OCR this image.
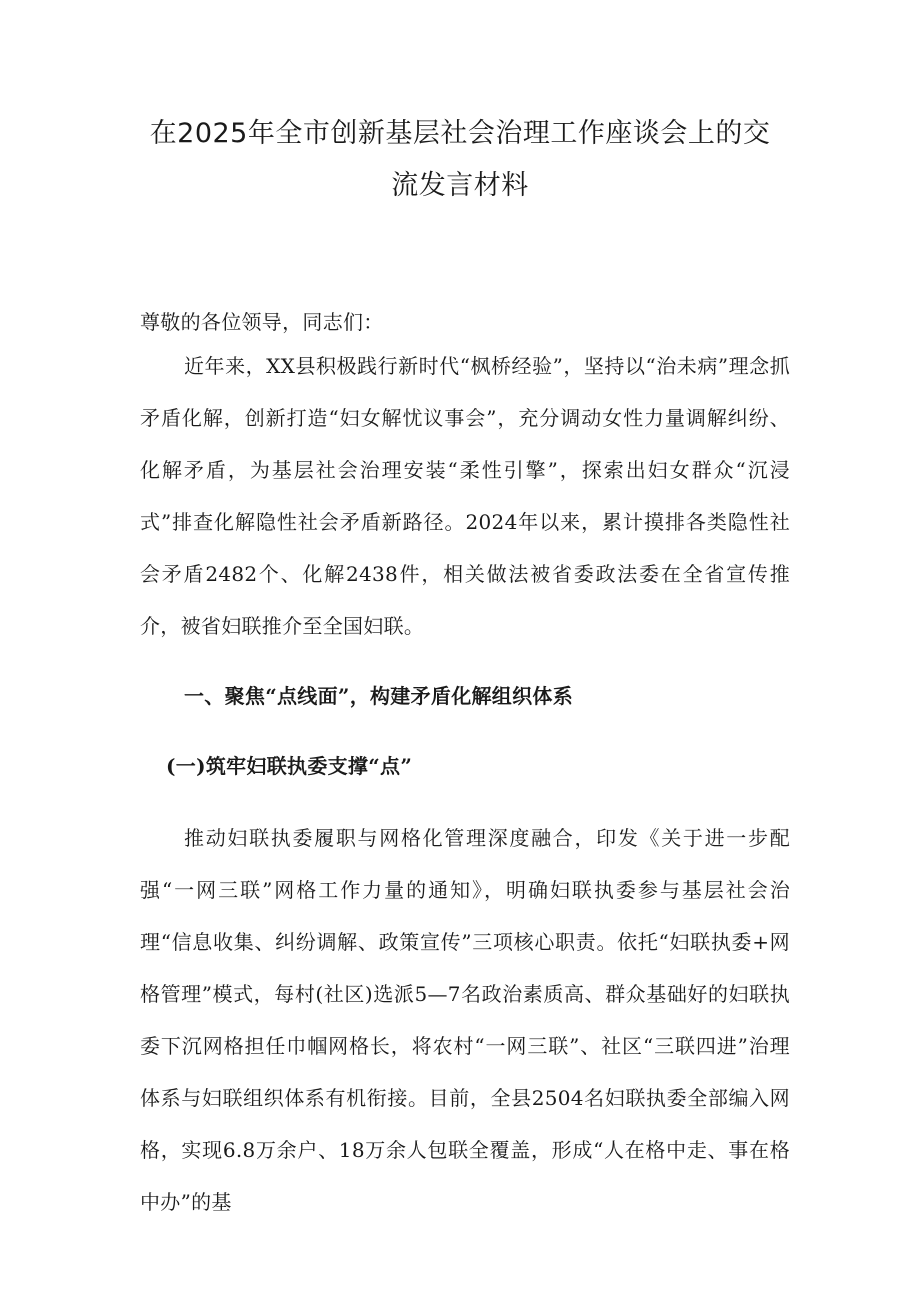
在2025年全市创新基层社会治理工作座谈会上的交
流发言材料

尊敬的各位领导，同志们：

近年来，XX县积极践行新时代“枫桥经验”，坚持以“治未病”理念抓矛盾化解，创新打造“妇女解忧议事会”，充分调动女性力量调解纠纷、化解矛盾，为基层社会治理安装“柔性引擎”，探索出妇女群众“沉浸式”排查化解隐性社会矛盾新路径。2024年以来，累计摸排各类隐性社会矛盾2482个、化解2438件，相关做法被省委政法委在全省宣传推介，被省妇联推介至全国妇联。

一、聚焦“点线面”，构建矛盾化解组织体系

(一)筑牢妇联执委支撑“点”

推动妇联执委履职与网格化管理深度融合，印发《关于进一步配强“一网三联”网格工作力量的通知》，明确妇联执委参与基层社会治理“信息收集、纠纷调解、政策宣传”三项核心职责。依托“妇联执委+网格管理”模式，每村(社区)选派5—7名政治素质高、群众基础好的妇联执委下沉网格担任巾帼网格长，将农村“一网三联”、社区“三联四进”治理体系与妇联组织体系有机衔接。目前，全县2504名妇联执委全部编入网格，实现6.8万余户、18万余人包联全覆盖，形成“人在格中走、事在格中办”的基
